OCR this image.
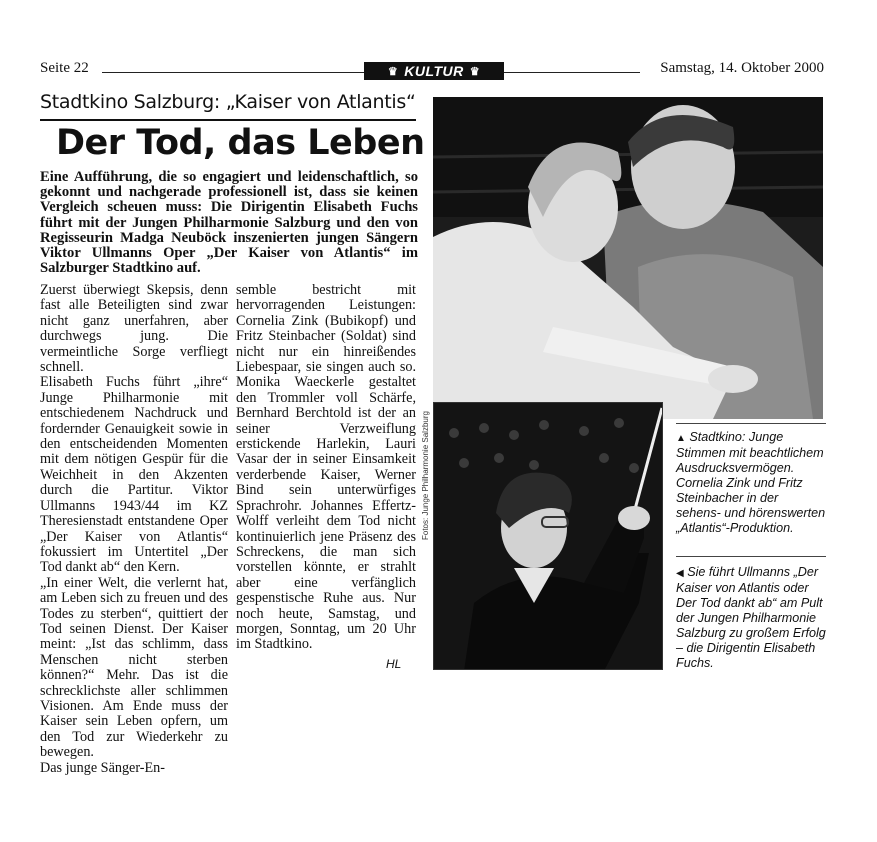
Seite 22	♛ KULTUR ♛	Samstag, 14. Oktober 2000
Stadtkino Salzburg: „Kaiser von Atlantis“
Der Tod, das Leben

Eine Aufführung, die so engagiert und leidenschaftlich, so gekonnt und nachgerade professionell ist, dass sie keinen Vergleich scheuen muss: Die Dirigentin Elisabeth Fuchs führt mit der Jungen Philharmonie Salzburg und den von Regisseurin Madga Neuböck inszenierten jungen Sängern Viktor Ullmanns Oper „Der Kaiser von Atlantis“ im Salzburger Stadtkino auf.

Zuerst überwiegt Skepsis, denn fast alle Beteiligten sind zwar nicht ganz unerfahren, aber durchwegs jung. Die vermeintliche Sorge verfliegt schnell.
Elisabeth Fuchs führt „ihre“ Junge Philharmonie mit entschiedenem Nachdruck und fordernder Genauigkeit sowie in den entscheidenden Momenten mit dem nötigen Gespür für die Weichheit in den Akzenten durch die Partitur. Viktor Ullmanns 1943/44 im KZ Theresienstadt entstandene Oper „Der Kaiser von Atlantis“ fokussiert im Untertitel „Der Tod dankt ab“ den Kern.
„In einer Welt, die verlernt hat, am Leben sich zu freuen und des Todes zu sterben“, quittiert der Tod seinen Dienst. Der Kaiser meint: „Ist das schlimm, dass Menschen nicht sterben können?“ Mehr. Das ist die schrecklichste aller schlimmen Visionen. Am Ende muss der Kaiser sein Leben opfern, um den Tod zur Wiederkehr zu bewegen.
Das junge Sänger-En-
semble bestricht mit hervorragenden Leistungen: Cornelia Zink (Bubikopf) und Fritz Steinbacher (Soldat) sind nicht nur ein hinreißendes Liebespaar, sie singen auch so. Monika Waeckerle gestaltet den Trommler voll Schärfe, Bernhard Berchtold ist der an seiner Verzweiflung erstickende Harlekin, Lauri Vasar der in seiner Einsamkeit verderbende Kaiser, Werner Bind sein unterwürfiges Sprachrohr. Johannes Effertz-Wolff verleiht dem Tod nicht kontinuierlich jene Präsenz des Schreckens, die man sich vorstellen könnte, er strahlt aber eine verfänglich gespenstische Ruhe aus. Nur noch heute, Samstag, und morgen, Sonntag, um 20 Uhr im Stadtkino.
HL
Fotos: Junge Philharmonie Salzburg	▲ Stadtkino: Junge Stimmen mit beachtlichem Ausdrucksvermögen. Cornelia Zink und Fritz Steinbacher in der sehens- und hörenswerten „Atlantis“-Produktion.
◀ Sie führt Ullmanns „Der Kaiser von Atlantis oder Der Tod dankt ab“ am Pult der Jungen Philharmonie Salzburg zu großem Erfolg – die Dirigentin Elisabeth Fuchs.
